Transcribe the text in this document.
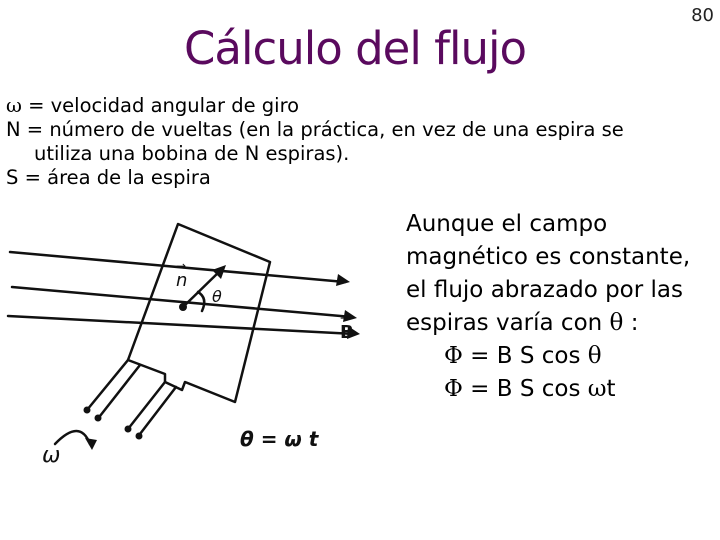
Cálculo del flujo
80
ω = velocidad angular de giro
N = número de vueltas (en la práctica, en vez de una espira se
utiliza una bobina de N espiras).
S = área de la espira
Aunque el campo
magnético es constante,
el flujo abrazado por las
espiras varía con θ :
Φ = B S cos θ
Φ = B S cos ωt
n
→
θ
B
→
ω
θ = ω t
